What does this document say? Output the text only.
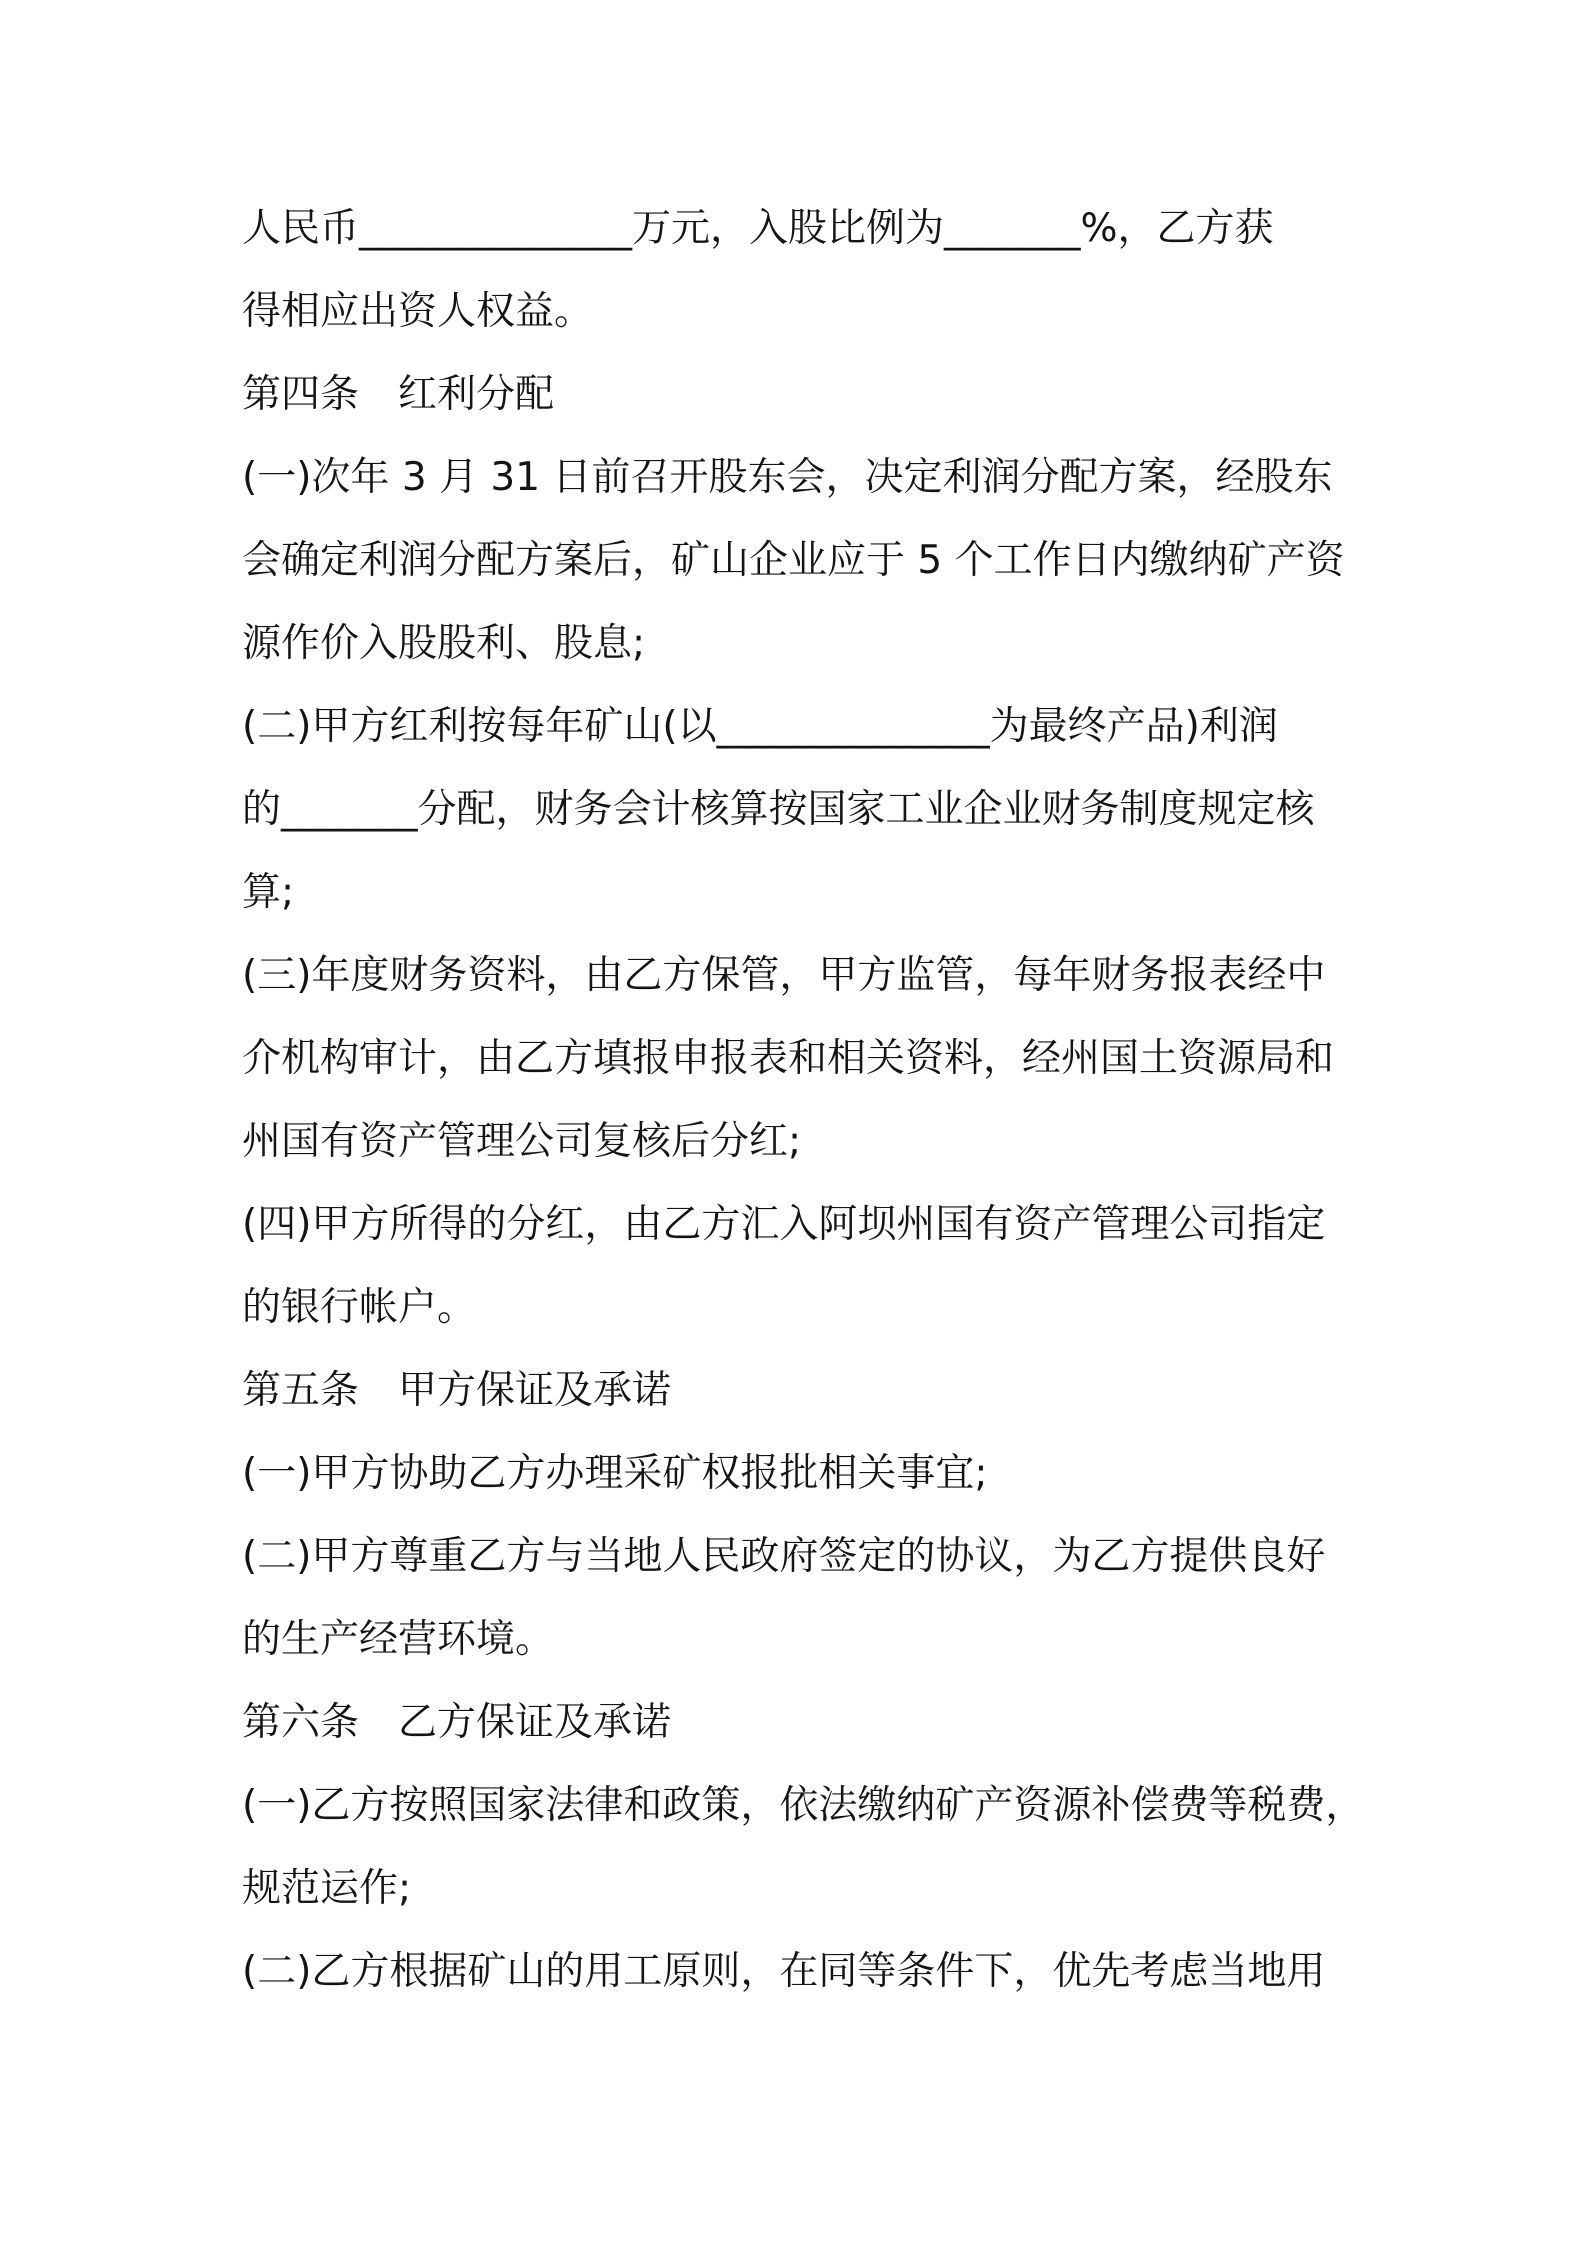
人民币______________万元，入股比例为_______%，乙方获

得相应出资人权益。

第四条　红利分配

(一)次年 3 月 31 日前召开股东会，决定利润分配方案，经股东

会确定利润分配方案后，矿山企业应于 5 个工作日内缴纳矿产资

源作价入股股利、股息;

(二)甲方红利按每年矿山(以______________为最终产品)利润

的_______分配，财务会计核算按国家工业企业财务制度规定核

算;

(三)年度财务资料，由乙方保管，甲方监管，每年财务报表经中

介机构审计，由乙方填报申报表和相关资料，经州国土资源局和

州国有资产管理公司复核后分红;

(四)甲方所得的分红，由乙方汇入阿坝州国有资产管理公司指定

的银行帐户。

第五条　甲方保证及承诺

(一)甲方协助乙方办理采矿权报批相关事宜;

(二)甲方尊重乙方与当地人民政府签定的协议，为乙方提供良好

的生产经营环境。

第六条　乙方保证及承诺

(一)乙方按照国家法律和政策，依法缴纳矿产资源补偿费等税费，

规范运作;

(二)乙方根据矿山的用工原则，在同等条件下，优先考虑当地用
